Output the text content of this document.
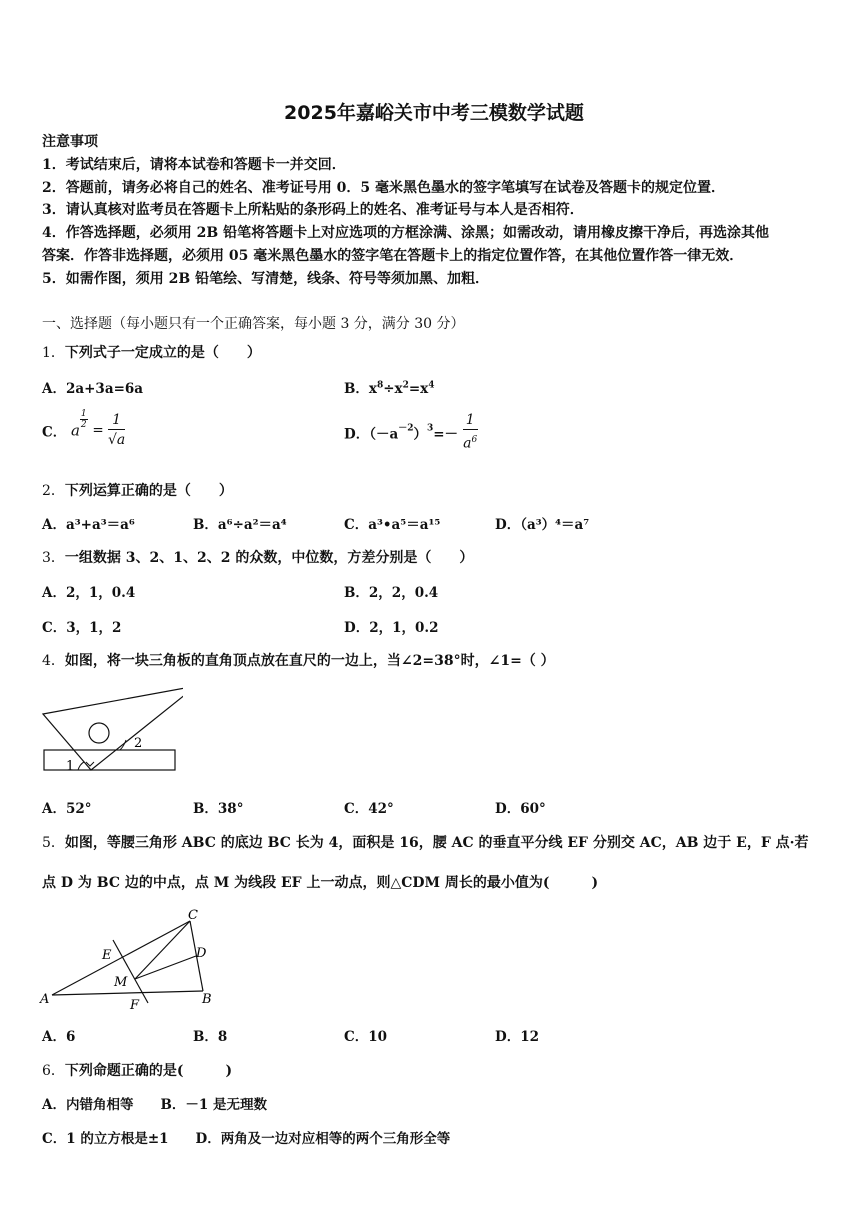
2025年嘉峪关市中考三模数学试题
注意事项
1．考试结束后，请将本试卷和答题卡一并交回．
2．答题前，请务必将自己的姓名、准考证号用 0．5 毫米黑色墨水的签字笔填写在试卷及答题卡的规定位置．
3．请认真核对监考员在答题卡上所粘贴的条形码上的姓名、准考证号与本人是否相符．
4．作答选择题，必须用 2B 铅笔将答题卡上对应选项的方框涂满、涂黑；如需改动，请用橡皮擦干净后，再选涂其他
答案．作答非选择题，必须用 05 毫米黑色墨水的签字笔在答题卡上的指定位置作答，在其他位置作答一律无效．
5．如需作图，须用 2B 铅笔绘、写清楚，线条、符号等须加黑、加粗．
一、选择题（每小题只有一个正确答案，每小题 3 分，满分 30 分）
1．下列式子一定成立的是（　　）
A．2a+3a=6a	B．$x^8\div x^2=x^4$
C． a
$\frac{1}{2}$
= $\frac{1}{√a}$	D．$(-a^{-2})^3=- \frac{1}{a^6}$
2．下列运算正确的是（　　）
A．a³+a³＝a⁶	B．a⁶÷a²＝a⁴	C．a³•a⁵＝a¹⁵	D．（a³）⁴＝a⁷
3．一组数据 3、2、1、2、2 的众数，中位数，方差分别是（　　）
A．2，1，0.4	B．2，2，0.4
C．3，1，2	D．2，1，0.2
4．如图，将一块三角板的直角顶点放在直尺的一边上，当∠2=38°时，∠1=（ ）
1
2
A．52°	B．38°	C．42°	D．60°
5．如图，等腰三角形 ABC 的底边 BC 长为 4，面积是 16，腰 AC 的垂直平分线 EF 分别交 AC，AB 边于 E，F 点·若
点 D 为 BC 边的中点，点 M 为线段 EF 上一动点，则△CDM 周长的最小值为(　　　)
A	B
C
D
E
F
M
A．6	B．8	C．10	D．12
6．下列命题正确的是(　　　)
A．内错角相等　　B．－1 是无理数
C．1 的立方根是±1　　D．两角及一边对应相等的两个三角形全等
